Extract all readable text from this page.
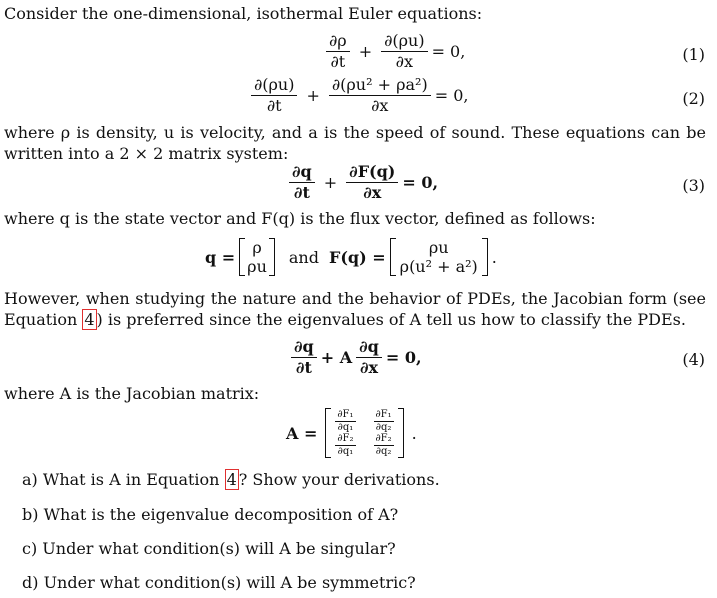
Consider the one-dimensional, isothermal Euler equations:
$\frac{\partial\rho}{\partial t} + \frac{\partial(\rho u)}{\partial x} = 0$,	(1)
$\frac{\partial(\rho u)}{\partial t} + \frac{\text{∂(ρu² + ρa²)}}{\partial x} = 0$,	(2)
where ρ is density, u is velocity, and a is the speed of sound. These equations can be written into a 2 × 2 matrix system:
$\frac{\partial q}{\partial t} + \frac{\partial F(q)}{\partial x} = 0$,	(3)
where q is the state vector and F(q) is the flux vector, defined as follows:
q = ρ
ρu and F(q) =	ρu
ρ(u² + a²) .
However, when studying the nature and the behavior of PDEs, the Jacobian form (see Equation 4 ) is preferred since the eigenvalues of A tell us how to classify the PDEs.
$\frac{\partial q}{\partial t} + A \frac{\partial q}{\partial x} = 0$,	(4)
where A is the Jacobian matrix:
$A = \frac{\text{∂F₁}}{\text{∂q₁}} \frac{\text{∂F₁}}{\text{∂q₂}}$
$\frac{\text{∂F₂}}{\text{∂q₁}} \frac{\text{∂F₂}}{\text{∂q₂}}$ .
a) What is A in Equation 4 ? Show your derivations.
b) What is the eigenvalue decomposition of A?
c) Under what condition(s) will A be singular?
d) Under what condition(s) will A be symmetric?
